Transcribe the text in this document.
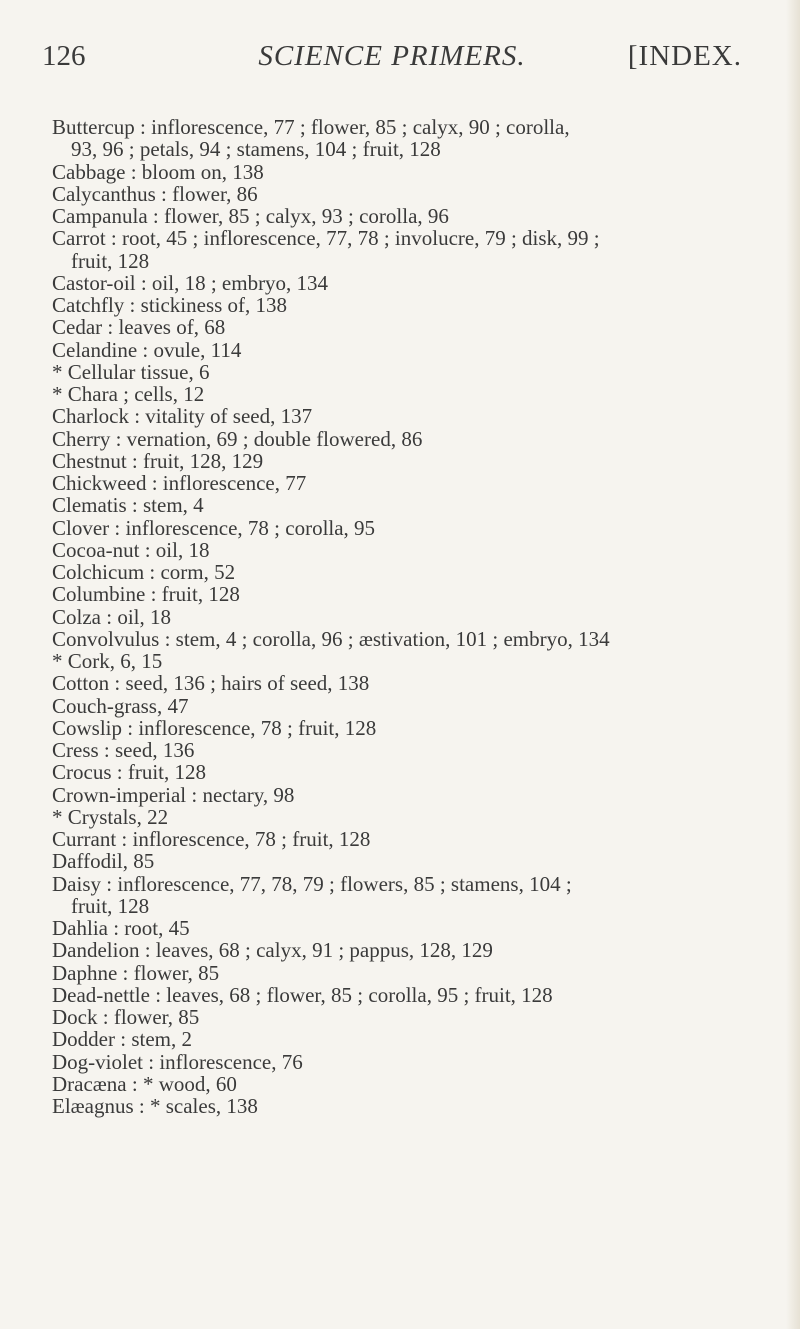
126	SCIENCE PRIMERS.	[INDEX.
Buttercup : inflorescence, 77 ; flower, 85 ; calyx, 90 ; corolla,
93, 96 ; petals, 94 ; stamens, 104 ; fruit, 128
Cabbage : bloom on, 138
Calycanthus : flower, 86
Campanula : flower, 85 ; calyx, 93 ; corolla, 96
Carrot : root, 45 ; inflorescence, 77, 78 ; involucre, 79 ; disk, 99 ;
fruit, 128
Castor-oil : oil, 18 ; embryo, 134
Catchfly : stickiness of, 138
Cedar : leaves of, 68
Celandine : ovule, 114
* Cellular tissue, 6
* Chara ; cells, 12
Charlock : vitality of seed, 137
Cherry : vernation, 69 ; double flowered, 86
Chestnut : fruit, 128, 129
Chickweed : inflorescence, 77
Clematis : stem, 4
Clover : inflorescence, 78 ; corolla, 95
Cocoa-nut : oil, 18
Colchicum : corm, 52
Columbine : fruit, 128
Colza : oil, 18
Convolvulus : stem, 4 ; corolla, 96 ; æstivation, 101 ; embryo, 134
* Cork, 6, 15
Cotton : seed, 136 ; hairs of seed, 138
Couch-grass, 47
Cowslip : inflorescence, 78 ; fruit, 128
Cress : seed, 136
Crocus : fruit, 128
Crown-imperial : nectary, 98
* Crystals, 22
Currant : inflorescence, 78 ; fruit, 128
Daffodil, 85
Daisy : inflorescence, 77, 78, 79 ; flowers, 85 ; stamens, 104 ;
fruit, 128
Dahlia : root, 45
Dandelion : leaves, 68 ; calyx, 91 ; pappus, 128, 129
Daphne : flower, 85
Dead-nettle : leaves, 68 ; flower, 85 ; corolla, 95 ; fruit, 128
Dock : flower, 85
Dodder : stem, 2
Dog-violet : inflorescence, 76
Dracæna : * wood, 60
Elæagnus : * scales, 138
